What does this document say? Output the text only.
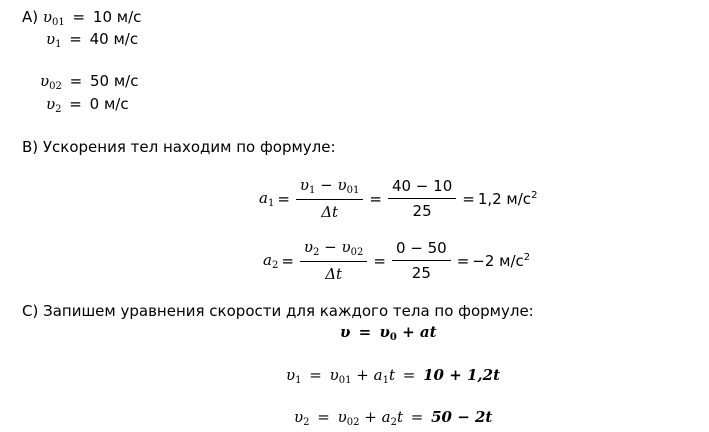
А) $\upsilon_{01} = 10$ м/с
$\upsilon_1 = 40$ м/с
$\upsilon_{02} = 50$ м/с
$\upsilon_2 = 0$ м/с
В) Ускорения тел находим по формуле:
$a_1 = \frac{\upsilon_1 - \upsilon_{01}}{\Delta t} = \frac{40 - 10}{25} = 1,2$ $м/с^2$
$a_2 = \frac{\upsilon_2 - \upsilon_{02}}{\Delta t} = \frac{0 - 50}{25} = -2$ $м/с^2$
С) Запишем уравнения скорости для каждого тела по формуле:
$\upsilon = \upsilon_0$ + at
$\upsilon_1 = \upsilon_{01} + a_1t = 10 + 1,2t$
$\upsilon_2 = \upsilon_{02} + a_2t = 50 - 2t$
